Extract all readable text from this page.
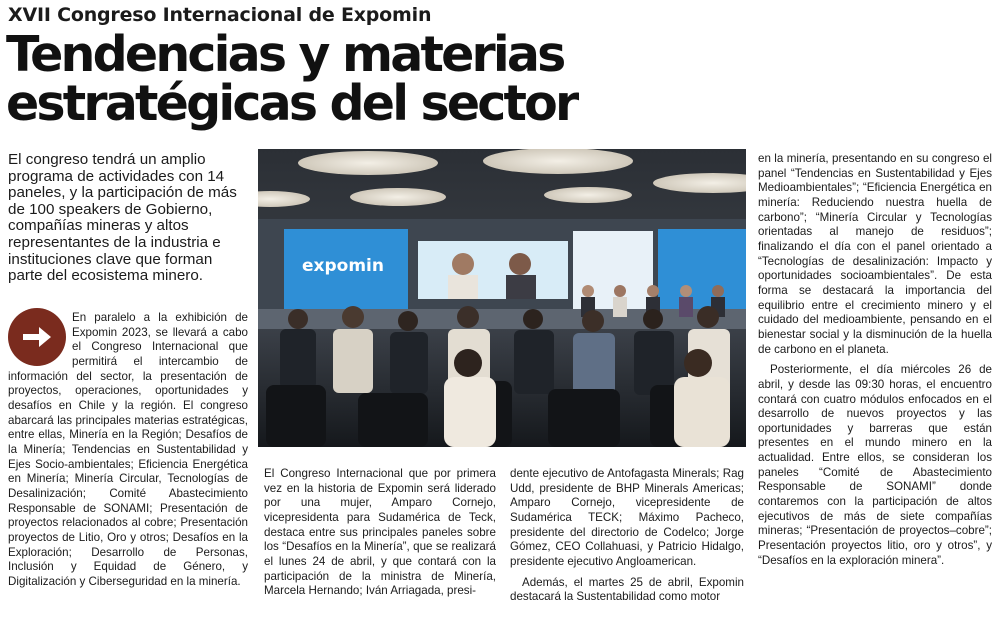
XVII Congreso Internacional de Expomin
Tendencias y materias
estratégicas del sector

El congreso tendrá un amplio programa de actividades con 14 paneles, y la participación de más de 100 speakers de Gobierno, compañías mineras y altos representantes de la industria e instituciones clave que forman parte del ecosistema minero.

En paralelo a la exhibición de Expomin 2023, se llevará a cabo el Congreso Internacional que permitirá el intercambio de información del sector, la presentación de proyectos, operaciones, oportunidades y desafíos en Chile y la región. El congreso abarcará las principales materias estratégicas, entre ellas, Minería en la Región; Desafíos de la Minería; Tendencias en Sustentabilidad y Ejes Socio-ambientales; Eficiencia Energética en Minería; Minería Circular, Tecnologías de Desalinización; Comité Abastecimiento Responsable de SONAMI; Presentación de proyectos relacionados al cobre; Presentación proyectos de Litio, Oro y otros; Desafíos en la Exploración; Desarrollo de Personas, Inclusión y Equidad de Género, y Digitalización y Ciberseguridad en la minería.

expomin

El Congreso Internacional que por primera vez en la historia de Expomin será liderado por una mujer, Amparo Cornejo, vicepresidenta para Sudamérica de Teck, destaca entre sus principales paneles sobre los “Desafíos en la Minería”, que se realizará el lunes 24 de abril, y que contará con la participación de la ministra de Minería, Marcela Hernando; Iván Arriagada, presi-

dente ejecutivo de Antofagasta Minerals; Rag Udd, presidente de BHP Minerals Americas; Amparo Cornejo, vicepresidente de Sudamérica TECK; Máximo Pacheco, presidente del directorio de Codelco; Jorge Gómez, CEO Collahuasi, y Patricio Hidalgo, presidente ejecutivo Angloamerican.

Además, el martes 25 de abril, Expomin destacará la Sustentabilidad como motor

en la minería, presentando en su congreso el panel “Tendencias en Sustentabilidad y Ejes Medioambientales”; “Eficiencia Energética en minería: Reduciendo nuestra huella de carbono”; “Minería Circular y Tecnologías orientadas al manejo de residuos”; finalizando el día con el panel orientado a “Tecnologías de desalinización: Impacto y oportunidades socioambientales”. De esta forma se destacará la importancia del equilibrio entre el crecimiento minero y el cuidado del medioambiente, pensando en el bienestar social y la disminución de la huella de carbono en el planeta.

Posteriormente, el día miércoles 26 de abril, y desde las 09:30 horas, el encuentro contará con cuatro módulos enfocados en el desarrollo de nuevos proyectos y las oportunidades y barreras que están presentes en el mundo minero en la actualidad. Entre ellos, se consideran los paneles “Comité de Abastecimiento Responsable de SONAMI” donde contaremos con la participación de altos ejecutivos de más de siete compañías mineras; “Presentación de proyectos–cobre”; Presentación proyectos litio, oro y otros”, y “Desafíos en la exploración minera”.
